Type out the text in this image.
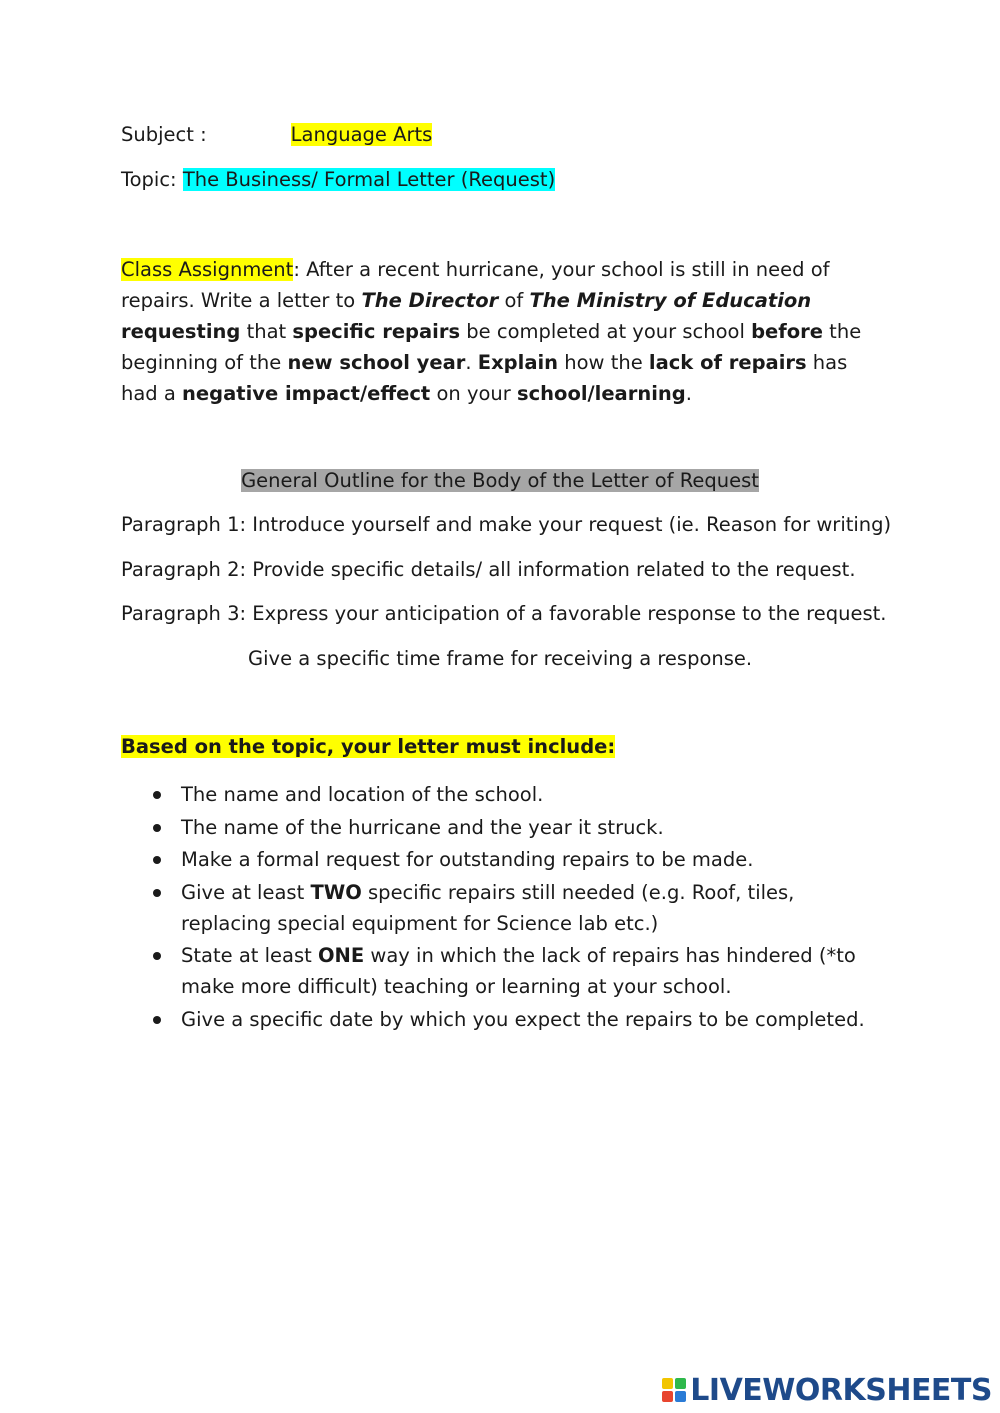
Subject :	Language Arts
Topic: The Business/ Formal Letter (Request)
Class Assignment: After a recent hurricane, your school is still in need of repairs. Write a letter to The Director of The Ministry of Education requesting that specific repairs be completed at your school before the beginning of the new school year. Explain how the lack of repairs has had a negative impact/effect on your school/learning.
General Outline for the Body of the Letter of Request
Paragraph 1: Introduce yourself and make your request (ie. Reason for writing)
Paragraph 2: Provide specific details/ all information related to the request.
Paragraph 3: Express your anticipation of a favorable response to the request.
Give a specific time frame for receiving a response.
Based on the topic, your letter must include:
The name and location of the school.
The name of the hurricane and the year it struck.
Make a formal request for outstanding repairs to be made.
Give at least TWO specific repairs still needed (e.g. Roof, tiles, replacing special equipment for Science lab etc.)
State at least ONE way in which the lack of repairs has hindered (*to make more difficult) teaching or learning at your school.
Give a specific date by which you expect the repairs to be completed.
LIVEWORKSHEETS
